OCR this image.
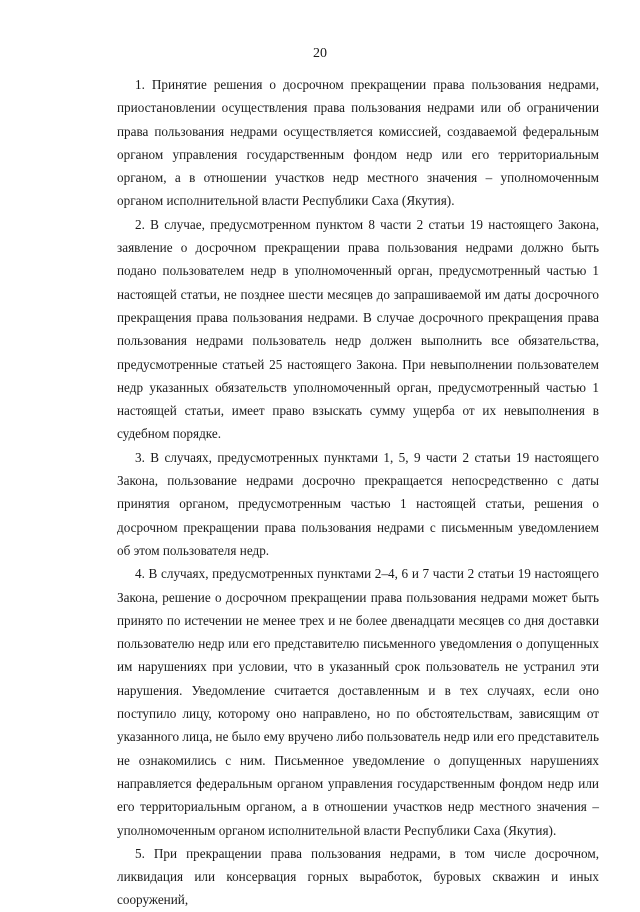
20

1. Принятие решения о досрочном прекращении права пользования недрами, приостановлении осуществления права пользования недрами или об ограничении права пользования недрами осуществляется комиссией, создаваемой федеральным органом управления государственным фондом недр или его территориальным органом, а в отношении участков недр местного значения – уполномоченным органом исполнительной власти Республики Саха (Якутия).

2. В случае, предусмотренном пунктом 8 части 2 статьи 19 настоящего Закона, заявление о досрочном прекращении права пользования недрами должно быть подано пользователем недр в уполномоченный орган, предусмотренный частью 1 настоящей статьи, не позднее шести месяцев до запрашиваемой им даты досрочного прекращения права пользования недрами. В случае досрочного прекращения права пользования недрами пользователь недр должен выполнить все обязательства, предусмотренные статьей 25 настоящего Закона. При невыполнении пользователем недр указанных обязательств уполномоченный орган, предусмотренный частью 1 настоящей статьи, имеет право взыскать сумму ущерба от их невыполнения в судебном порядке.

3. В случаях, предусмотренных пунктами 1, 5, 9 части 2 статьи 19 настоящего Закона, пользование недрами досрочно прекращается непосредственно с даты принятия органом, предусмотренным частью 1 настоящей статьи, решения о досрочном прекращении права пользования недрами с письменным уведомлением об этом пользователя недр.

4. В случаях, предусмотренных пунктами 2–4, 6 и 7 части 2 статьи 19 настоящего Закона, решение о досрочном прекращении права пользования недрами может быть принято по истечении не менее трех и не более двенадцати месяцев со дня доставки пользователю недр или его представителю письменного уведомления о допущенных им нарушениях при условии, что в указанный срок пользователь не устранил эти нарушения. Уведомление считается доставленным и в тех случаях, если оно поступило лицу, которому оно направлено, но по обстоятельствам, зависящим от указанного лица, не было ему вручено либо пользователь недр или его представитель не ознакомились с ним. Письменное уведомление о допущенных нарушениях направляется федеральным органом управления государственным фондом недр или его территориальным органом, а в отношении участков недр местного значения – уполномоченным органом исполнительной власти Республики Саха (Якутия).

5. При прекращении права пользования недрами, в том числе досрочном, ликвидация или консервация горных выработок, буровых скважин и иных сооружений,
